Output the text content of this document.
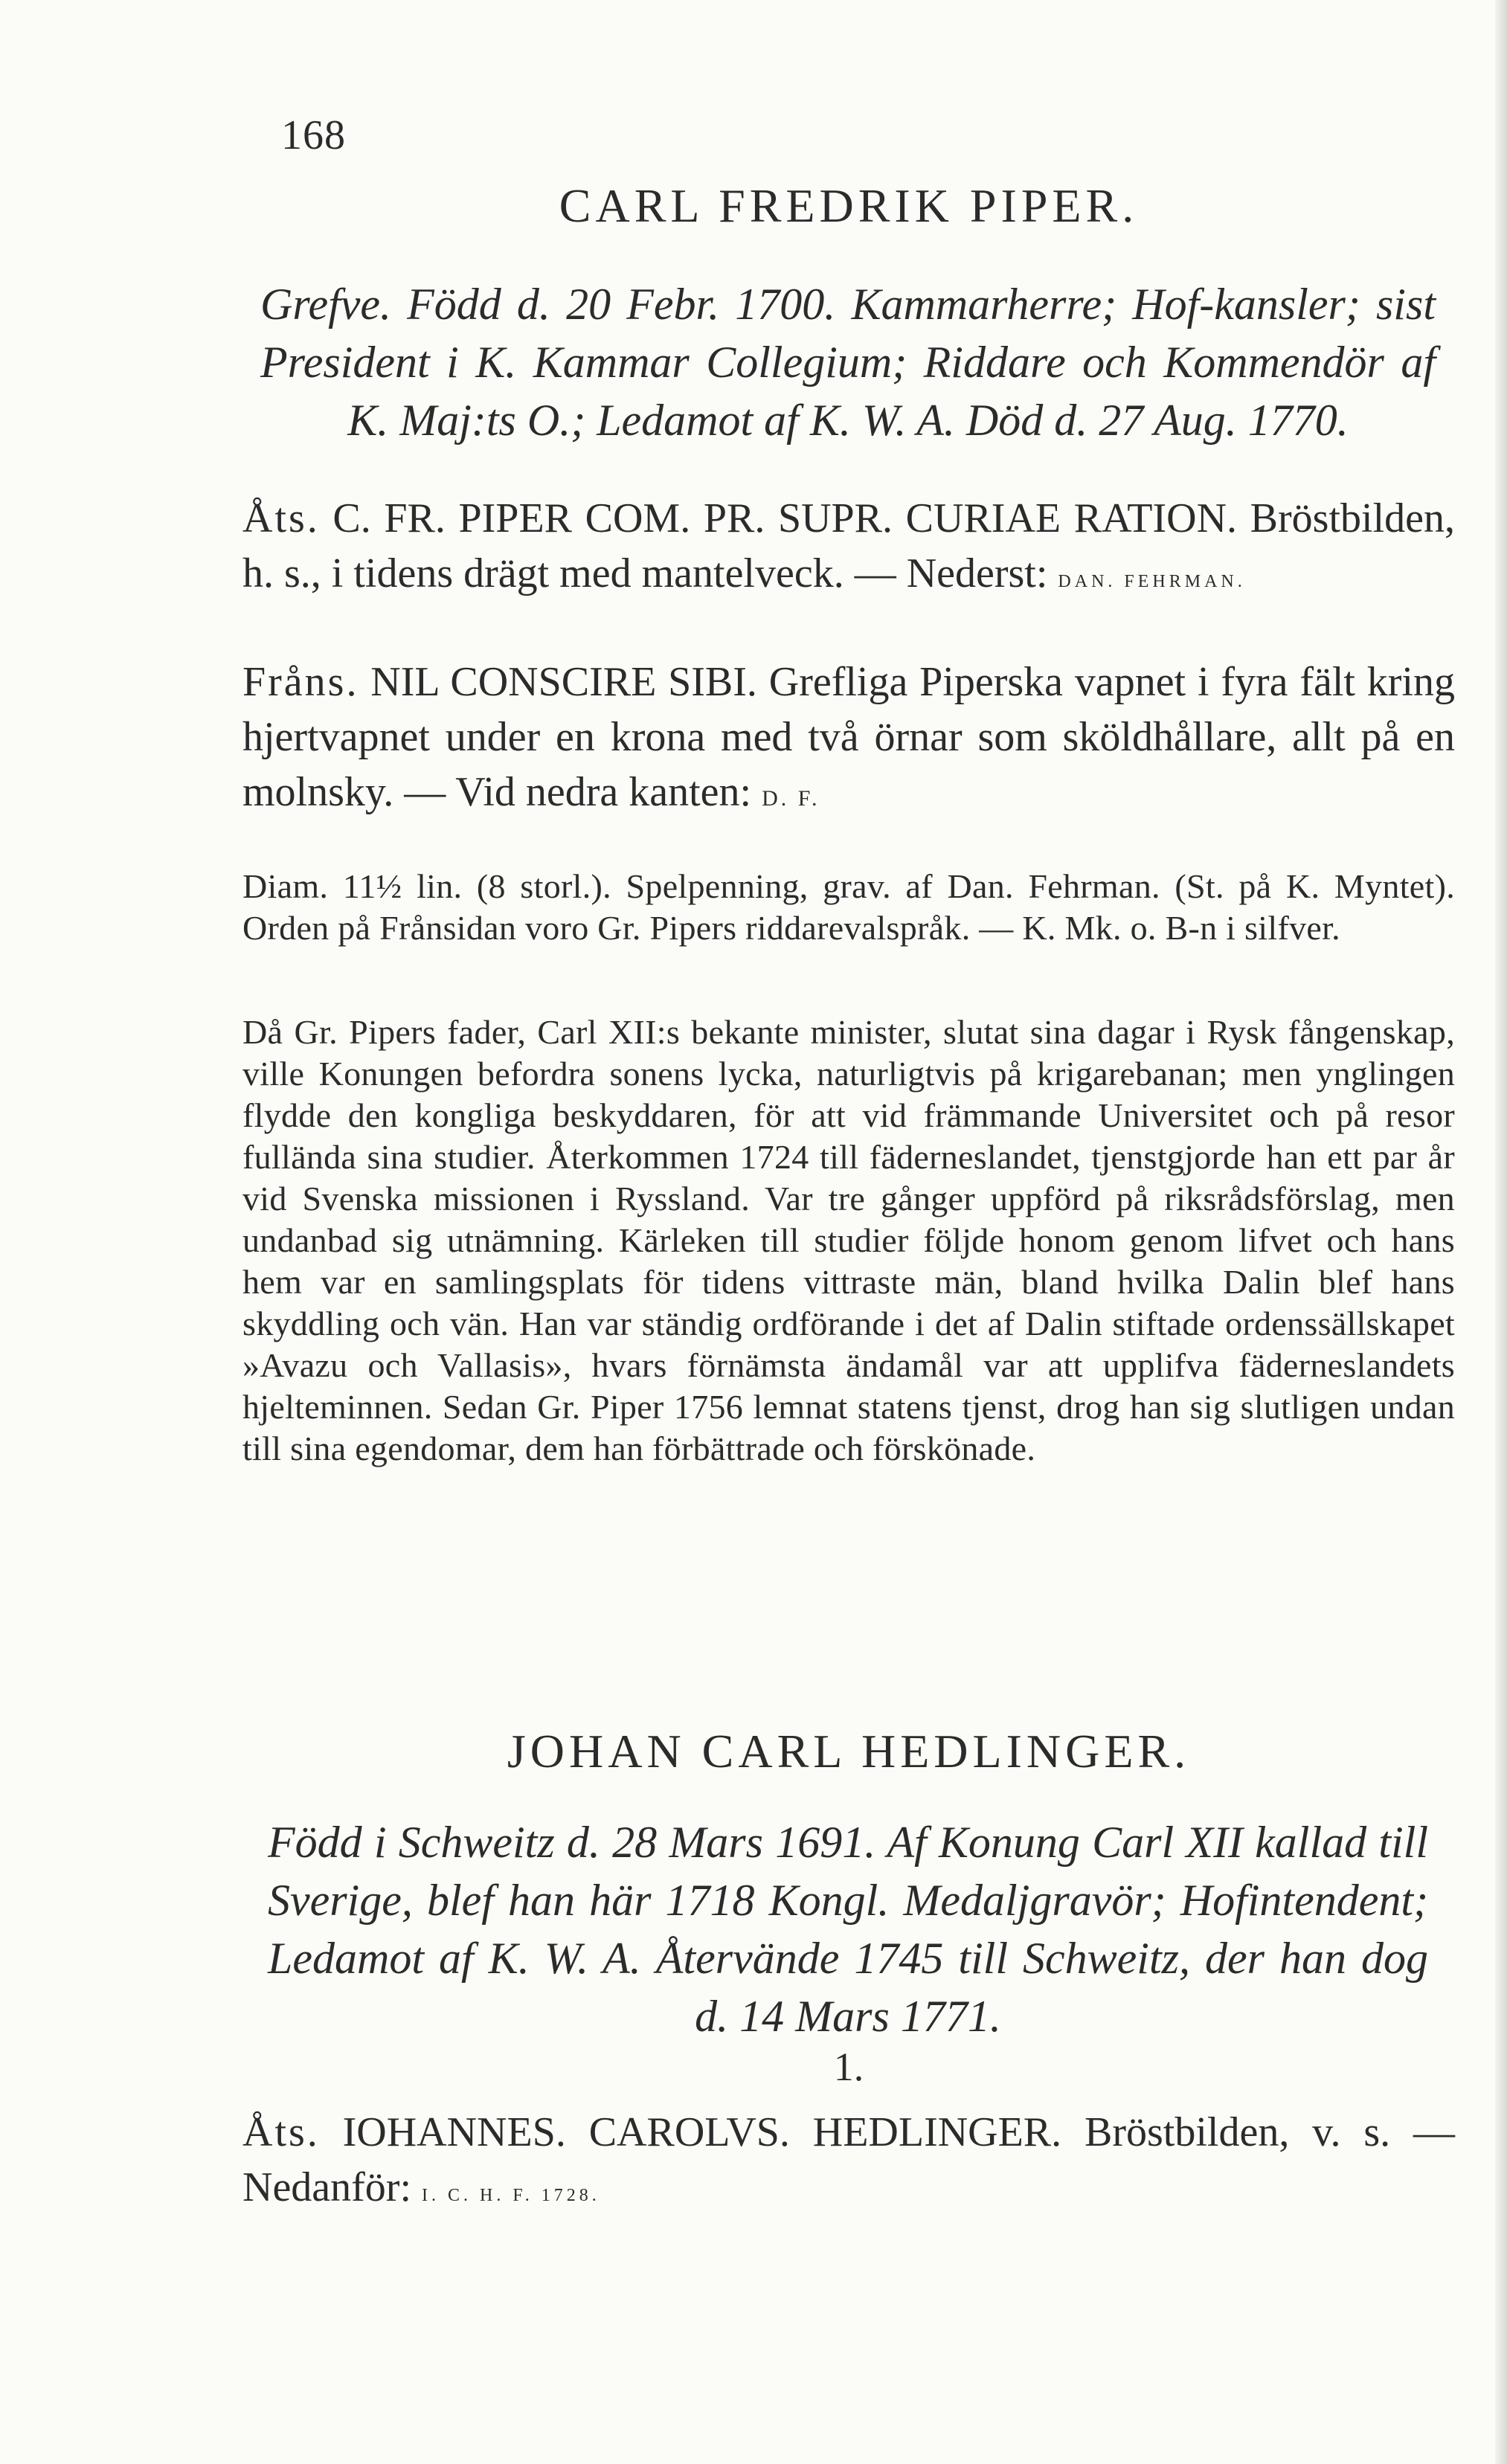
168
CARL FREDRIK PIPER.

Grefve. Född d. 20 Febr. 1700. Kammarherre; Hof-kansler; sist President i K. Kammar Collegium; Riddare och Kommendör af K. Maj:ts O.; Ledamot af K. W. A. Död d. 27 Aug. 1770.

Åts. C. FR. PIPER COM. PR. SUPR. CURIAE RATION. Bröstbilden, h. s., i tidens drägt med mantelveck. — Nederst: DAN. FEHRMAN.

Fråns. NIL CONSCIRE SIBI. Grefliga Piperska vapnet i fyra fält kring hjertvapnet under en krona med två örnar som sköldhållare, allt på en molnsky. — Vid nedra kanten: D. F.

Diam. 11½ lin. (8 storl.). Spelpenning, grav. af Dan. Fehrman. (St. på K. Myntet). Orden på Frånsidan voro Gr. Pipers riddarevalspråk. — K. Mk. o. B-n i silfver.

Då Gr. Pipers fader, Carl XII:s bekante minister, slutat sina dagar i Rysk fångenskap, ville Konungen befordra sonens lycka, naturligtvis på krigarebanan; men ynglingen flydde den kongliga beskyddaren, för att vid främmande Universitet och på resor fullända sina studier. Återkommen 1724 till fäderneslandet, tjenstgjorde han ett par år vid Svenska missionen i Ryssland. Var tre gånger uppförd på riksrådsförslag, men undanbad sig utnämning. Kärleken till studier följde honom genom lifvet och hans hem var en samlingsplats för tidens vittraste män, bland hvilka Dalin blef hans skyddling och vän. Han var ständig ordförande i det af Dalin stiftade ordenssällskapet »Avazu och Vallasis», hvars förnämsta ändamål var att upplifva fäderneslandets hjelteminnen. Sedan Gr. Piper 1756 lemnat statens tjenst, drog han sig slutligen undan till sina egendomar, dem han förbättrade och förskönade.

JOHAN CARL HEDLINGER.

Född i Schweitz d. 28 Mars 1691. Af Konung Carl XII kallad till Sverige, blef han här 1718 Kongl. Medaljgravör; Hofintendent; Ledamot af K. W. A. Återvände 1745 till Schweitz, der han dog d. 14 Mars 1771.

1.

Åts. IOHANNES. CAROLVS. HEDLINGER. Bröstbilden, v. s. — Nedanför: I. C. H. F. 1728.
